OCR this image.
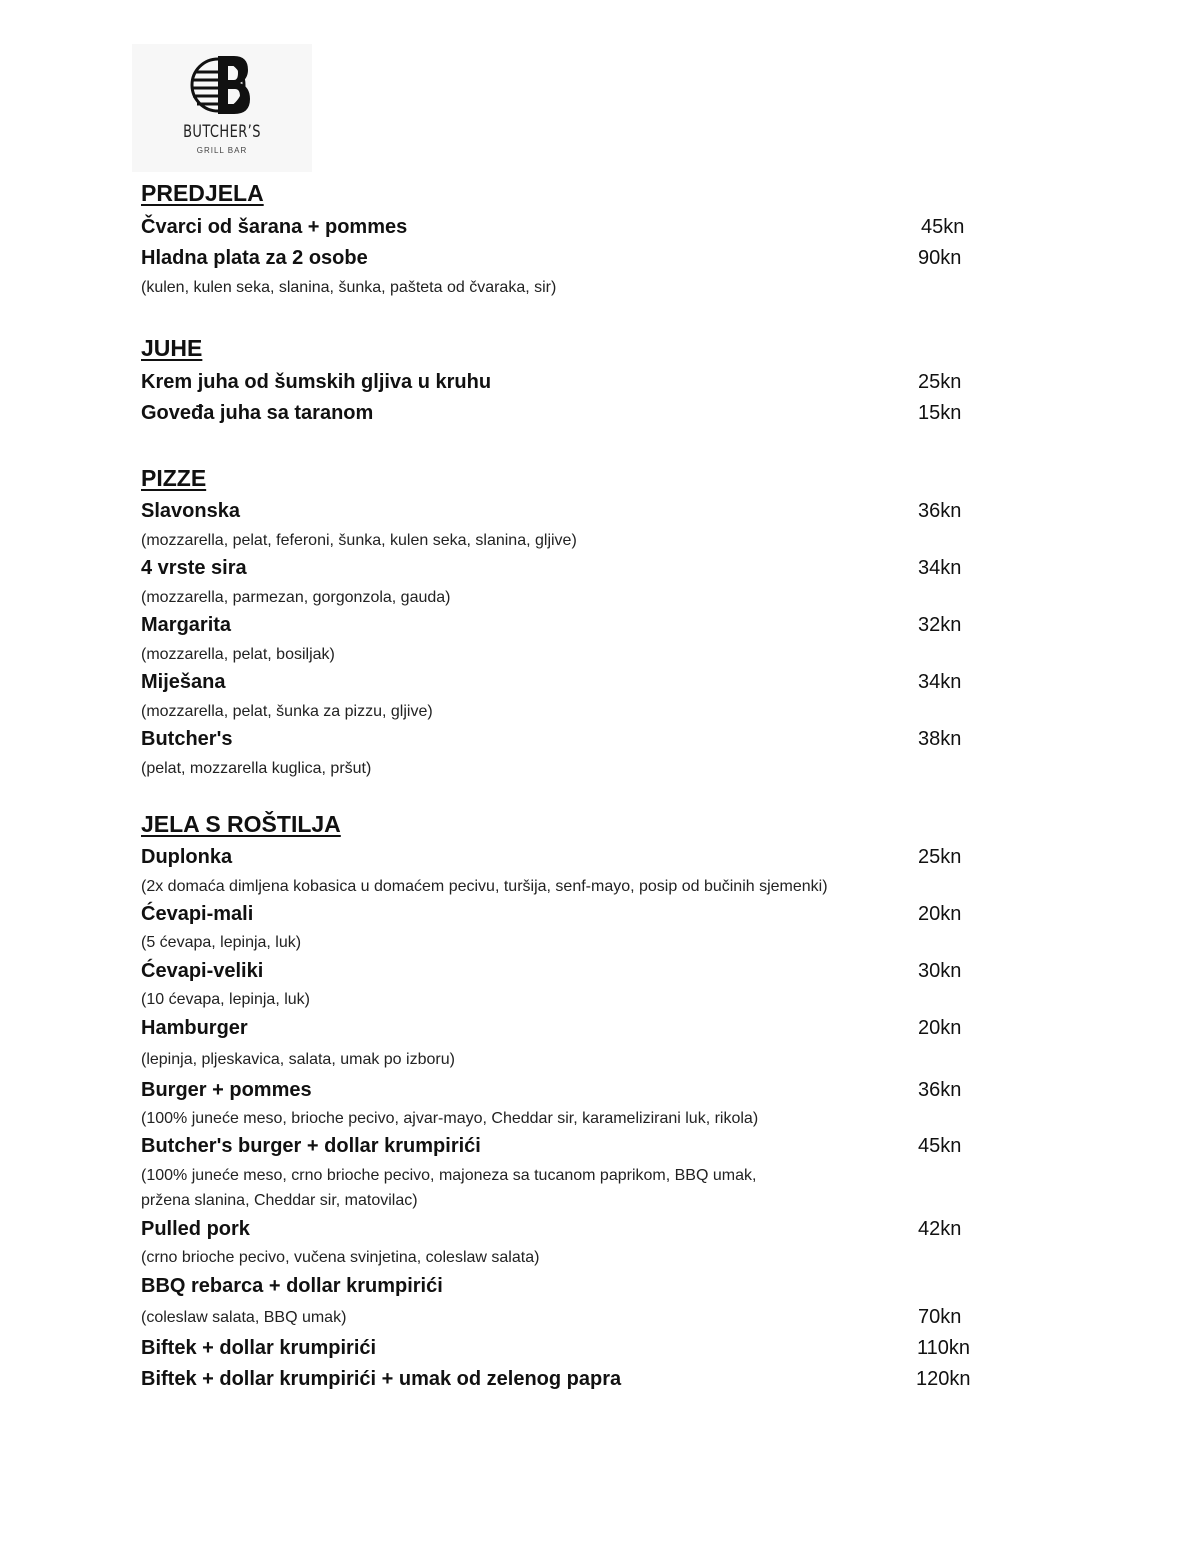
BUTCHER’S
GRILL BAR
PREDJELA
Čvarci od šarana + pommes	45kn
Hladna plata za 2 osobe	90kn
(kulen, kulen seka, slanina, šunka, pašteta od čvaraka, sir)
JUHE
Krem juha od šumskih gljiva u kruhu	25kn
Goveđa juha sa taranom	15kn
PIZZE
Slavonska	36kn
(mozzarella, pelat, feferoni, šunka, kulen seka, slanina, gljive)
4 vrste sira	34kn
(mozzarella, parmezan, gorgonzola, gauda)
Margarita	32kn
(mozzarella, pelat, bosiljak)
Miješana	34kn
(mozzarella, pelat, šunka za pizzu, gljive)
Butcher's	38kn
(pelat, mozzarella kuglica, pršut)
JELA S ROŠTILJA
Duplonka	25kn
(2x domaća dimljena kobasica u domaćem pecivu, turšija, senf-mayo, posip od bučinih sjemenki)
Ćevapi-mali	20kn
(5 ćevapa, lepinja, luk)
Ćevapi-veliki	30kn
(10 ćevapa, lepinja, luk)
Hamburger	20kn
(lepinja, pljeskavica, salata, umak po izboru)
Burger + pommes	36kn
(100% juneće meso, brioche pecivo, ajvar-mayo, Cheddar sir, karamelizirani luk, rikola)
Butcher's burger + dollar krumpirići	45kn
(100% juneće meso, crno brioche pecivo, majoneza sa tucanom paprikom, BBQ umak,
pržena slanina, Cheddar sir, matovilac)
Pulled pork	42kn
(crno brioche pecivo, vučena svinjetina, coleslaw salata)
BBQ rebarca + dollar krumpirići
(coleslaw salata, BBQ umak)	70kn
Biftek + dollar krumpirići	110kn
Biftek + dollar krumpirići + umak od zelenog papra	120kn
